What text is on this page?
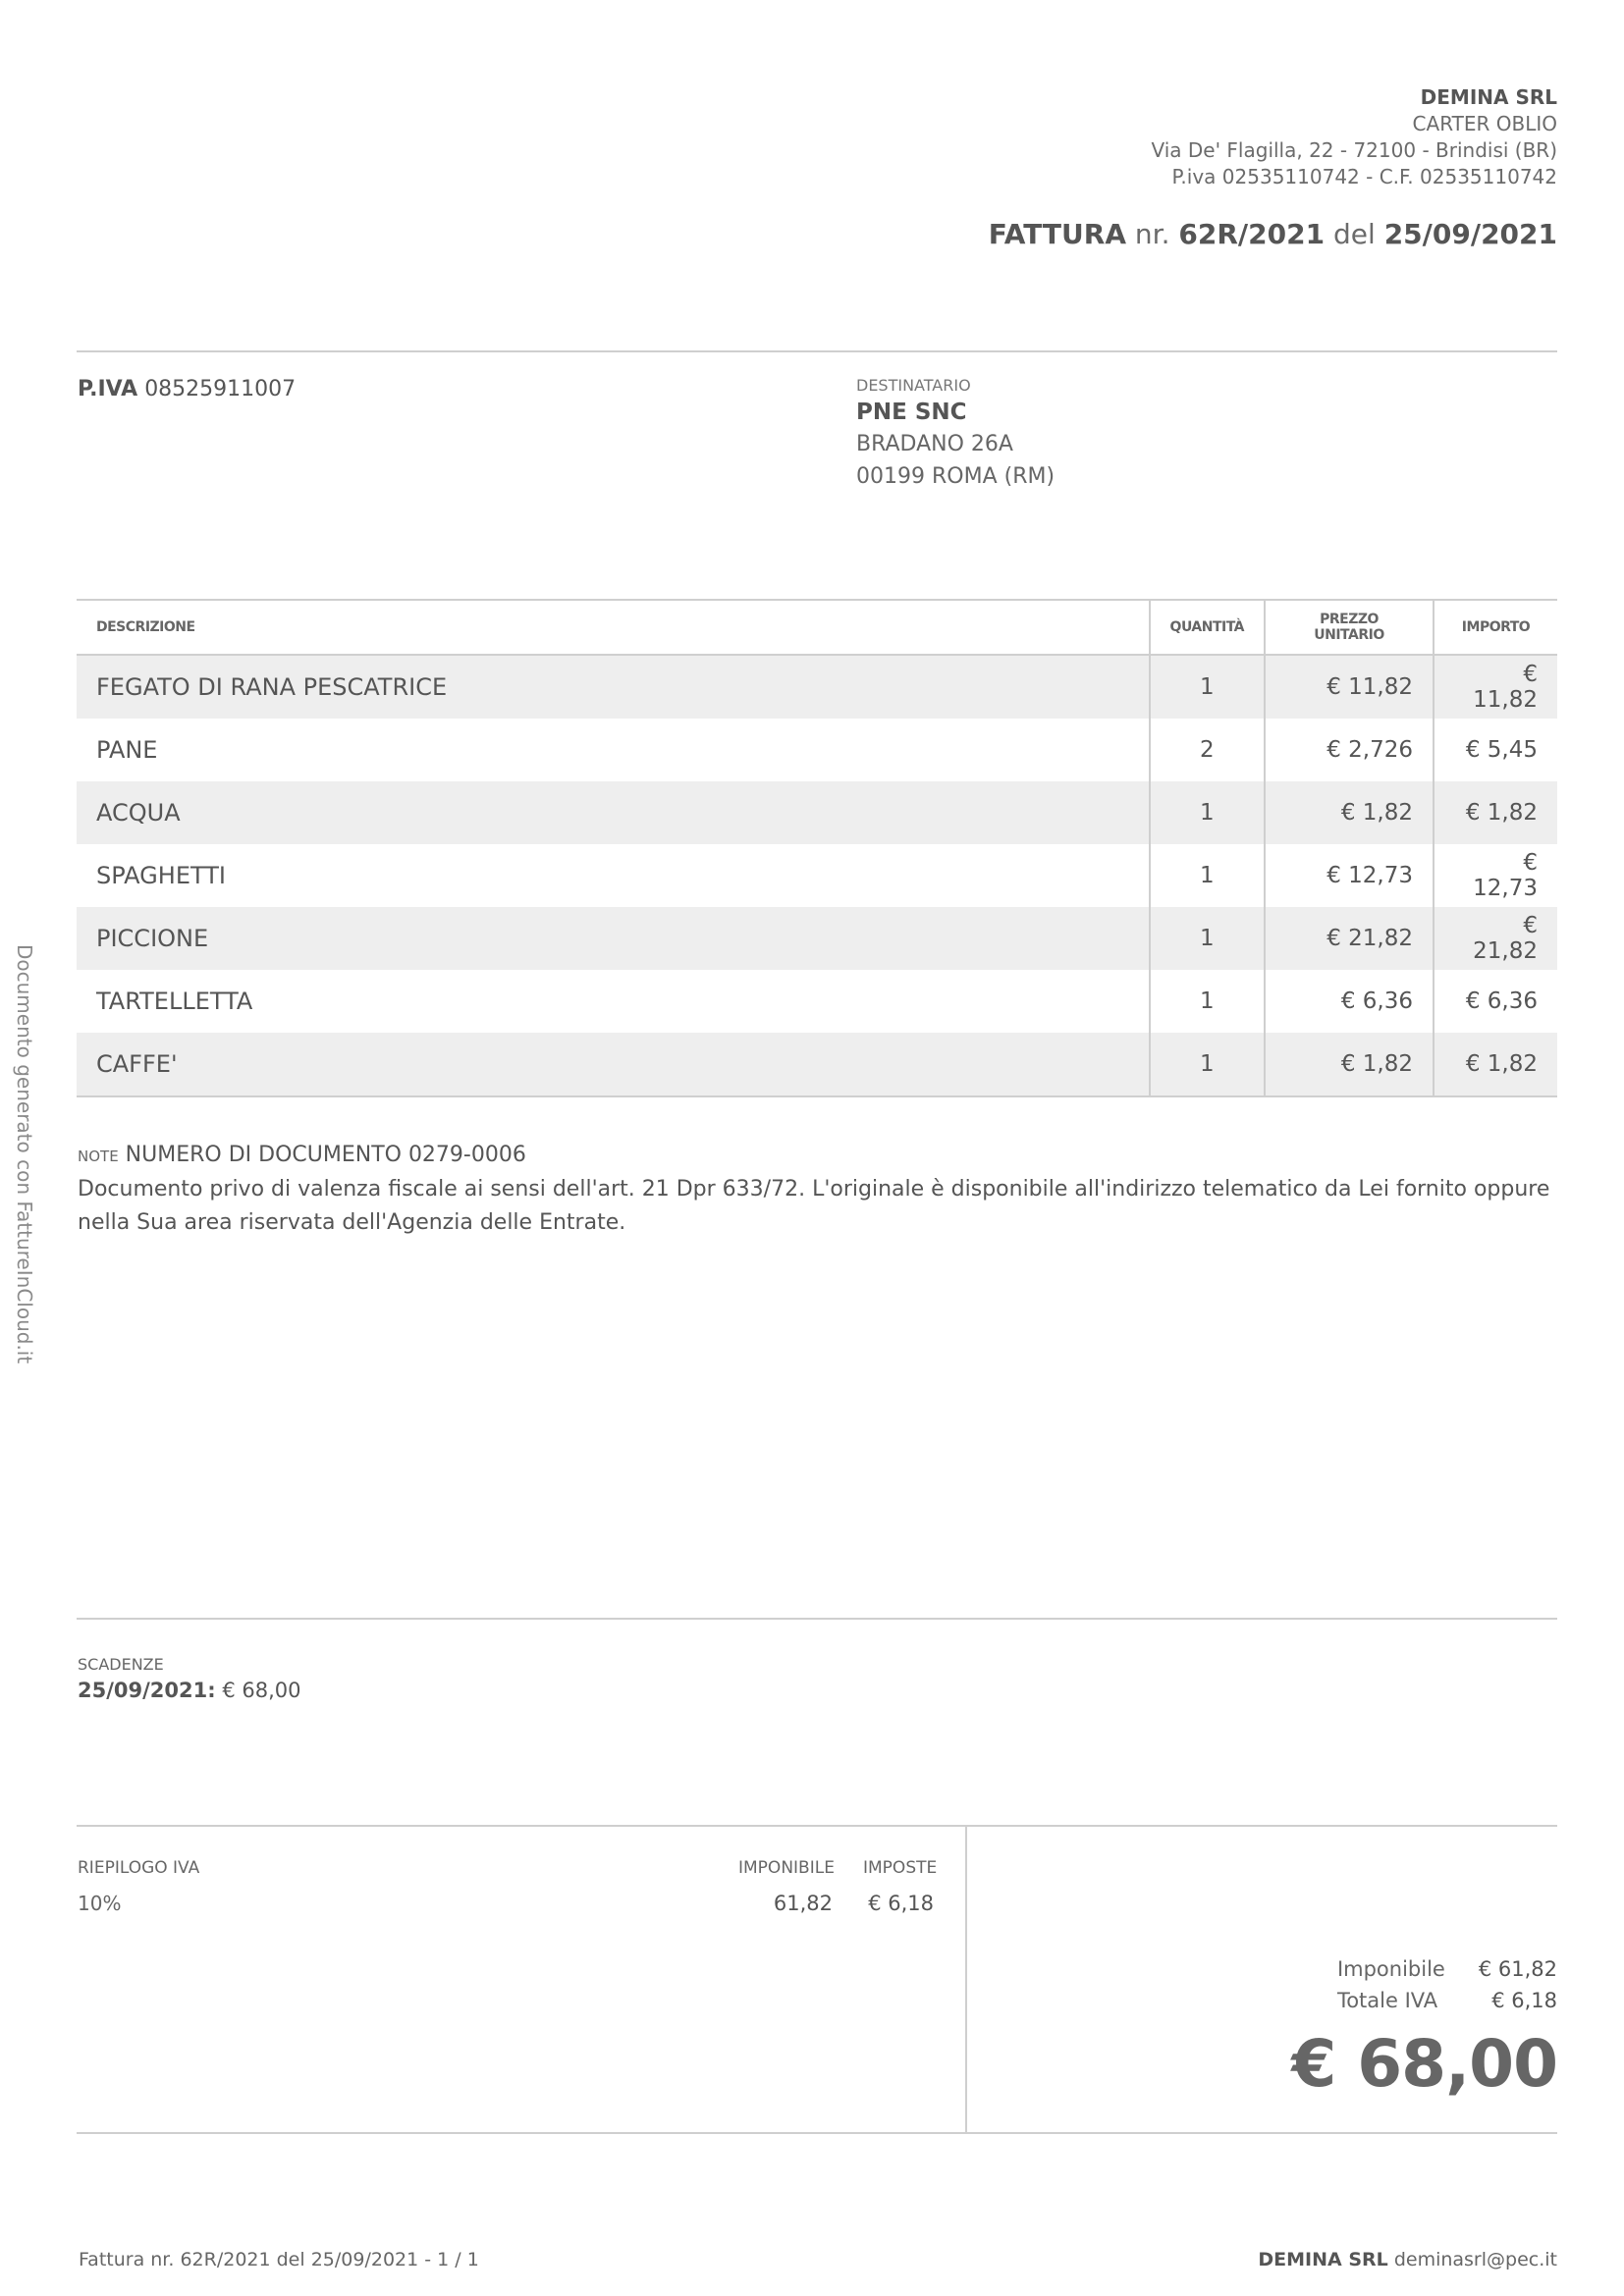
DEMINA SRL
CARTER OBLIO
Via De' Flagilla, 22 - 72100 - Brindisi (BR)
P.iva 02535110742 - C.F. 02535110742
FATTURA nr. 62R/2021 del 25/09/2021
P.IVA 08525911007	DESTINATARIO
PNE SNC
BRADANO 26A
00199 ROMA (RM)
DESCRIZIONE	QUANTITÀ	PREZZO UNITARIO	IMPORTO
FEGATO DI RANA PESCATRICE	1	€ 11,82	€ 11,82
PANE	2	€ 2,726	€ 5,45
ACQUA	1	€ 1,82	€ 1,82
SPAGHETTI	1	€ 12,73	€ 12,73
PICCIONE	1	€ 21,82	€ 21,82
TARTELLETTA	1	€ 6,36	€ 6,36
CAFFE'	1	€ 1,82	€ 1,82
NOTE NUMERO DI DOCUMENTO 0279-0006
Documento privo di valenza fiscale ai sensi dell'art. 21 Dpr 633/72. L'originale è disponibile all'indirizzo telematico da Lei fornito oppure nella Sua area riservata dell'Agenzia delle Entrate.
Documento generato con FattureInCloud.it
SCADENZE
25/09/2021: € 68,00
RIEPILOGO IVA	IMPONIBILE IMPOSTE
10%	61,82 € 6,18
Imponibile	€ 61,82
Totale IVA	€ 6,18
€ 68,00
Fattura nr. 62R/2021 del 25/09/2021 - 1 / 1	DEMINA SRL deminasrl@pec.it
